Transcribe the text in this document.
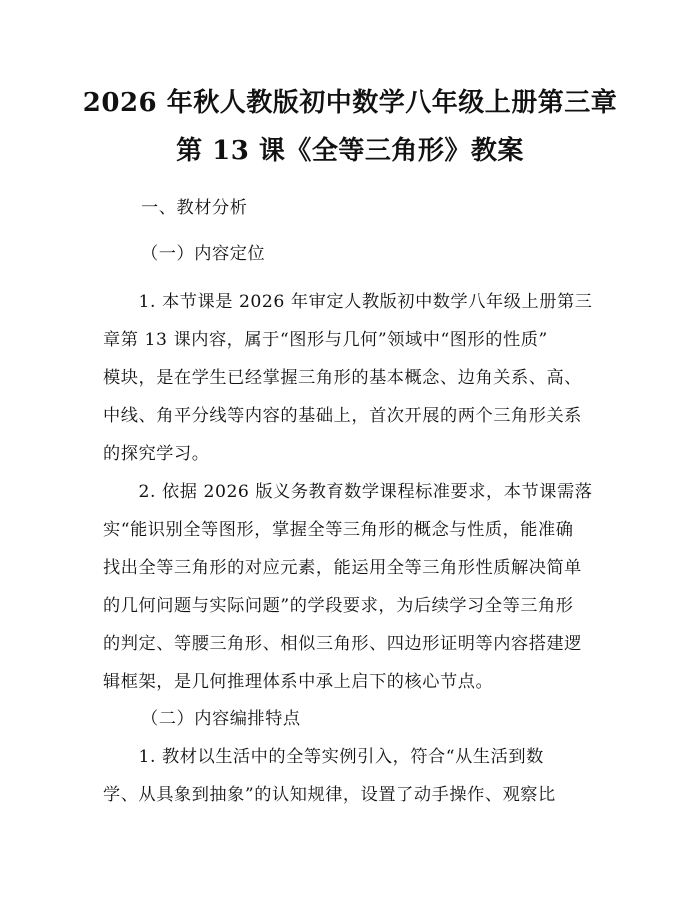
2026 年秋人教版初中数学八年级上册第三章
第 13 课《全等三角形》教案
一、教材分析
（一）内容定位
　　1. 本节课是 2026 年审定人教版初中数学八年级上册第三
章第 13 课内容，属于“图形与几何”领域中“图形的性质”
模块，是在学生已经掌握三角形的基本概念、边角关系、高、
中线、角平分线等内容的基础上，首次开展的两个三角形关系
的探究学习。
　　2. 依据 2026 版义务教育数学课程标准要求，本节课需落
实“能识别全等图形，掌握全等三角形的概念与性质，能准确
找出全等三角形的对应元素，能运用全等三角形性质解决简单
的几何问题与实际问题”的学段要求，为后续学习全等三角形
的判定、等腰三角形、相似三角形、四边形证明等内容搭建逻
辑框架，是几何推理体系中承上启下的核心节点。
（二）内容编排特点
　　1. 教材以生活中的全等实例引入，符合“从生活到数
学、从具象到抽象”的认知规律，设置了动手操作、观察比
